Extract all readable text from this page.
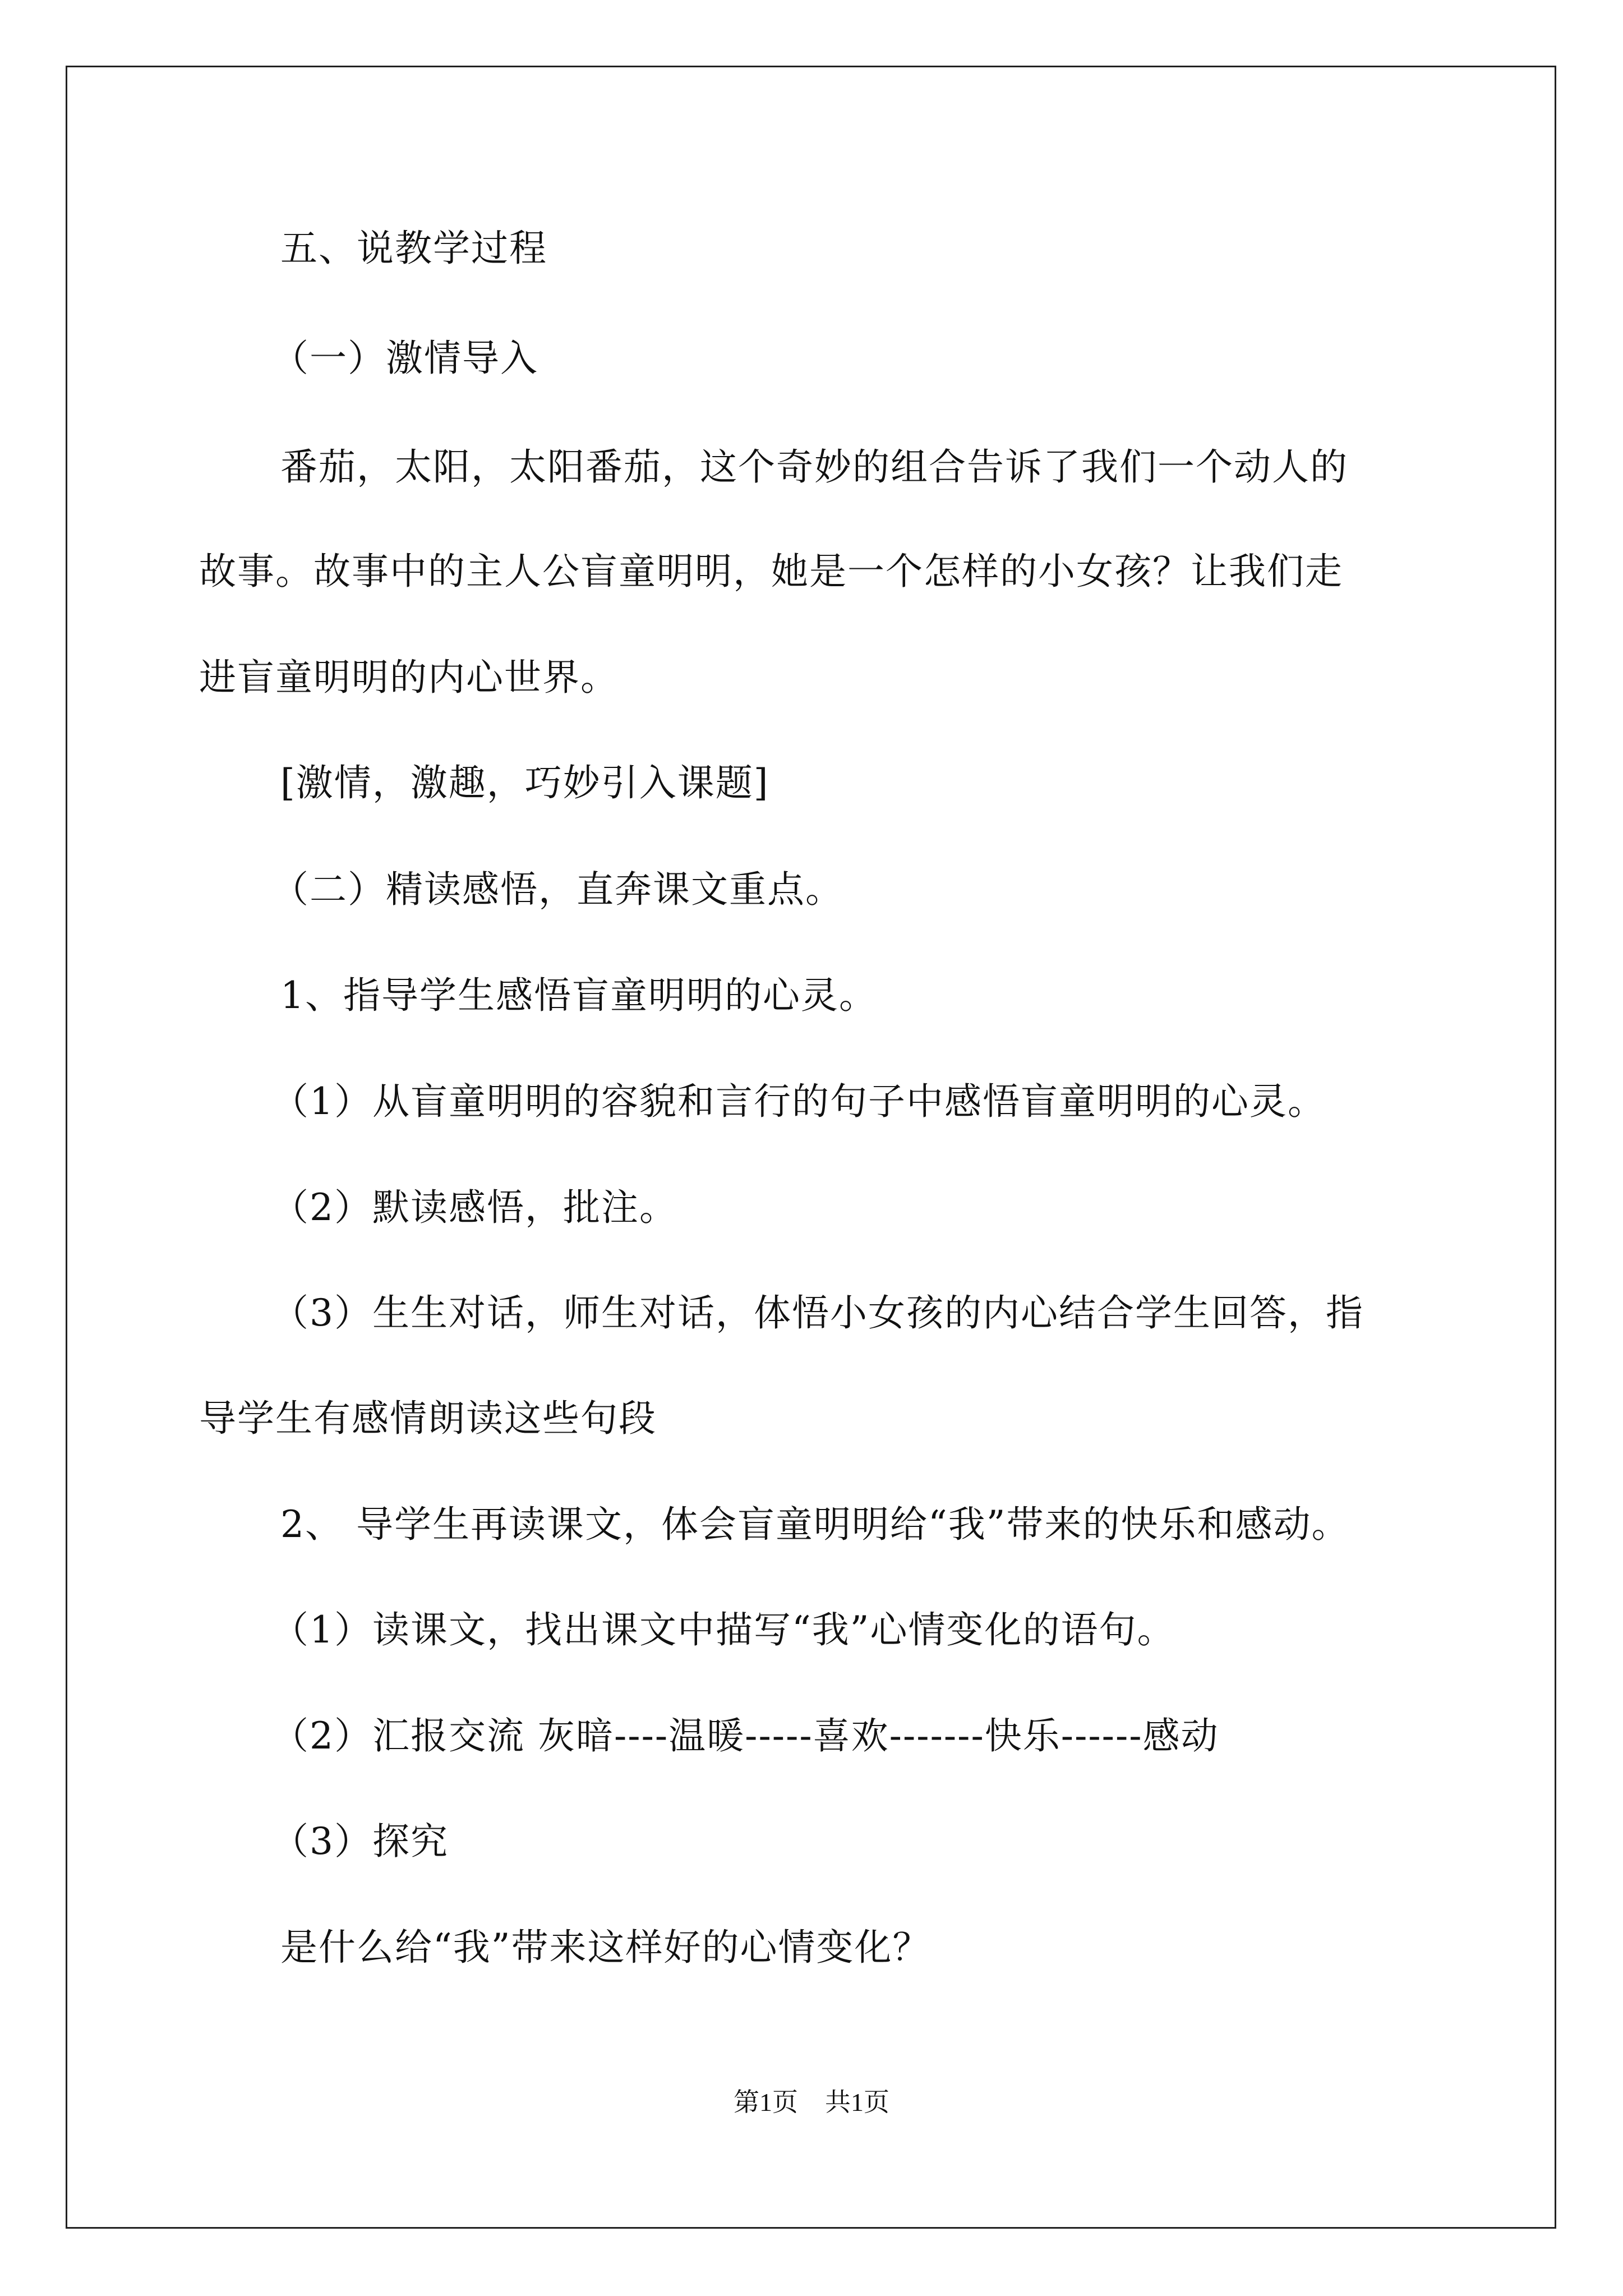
五、说教学过程
（一）激情导入
番茄，太阳，太阳番茄，这个奇妙的组合告诉了我们一个动人的
故事。故事中的主人公盲童明明，她是一个怎样的小女孩？让我们走
进盲童明明的内心世界。
[激情，激趣，巧妙引入课题]
（二）精读感悟，直奔课文重点。
1、指导学生感悟盲童明明的心灵。
（1）从盲童明明的容貌和言行的句子中感悟盲童明明的心灵。
（2）默读感悟，批注。
（3）生生对话，师生对话，体悟小女孩的内心结合学生回答，指
导学生有感情朗读这些句段
2、 导学生再读课文，体会盲童明明给“我”带来的快乐和感动。
（1）读课文，找出课文中描写“我”心情变化的语句。
（2）汇报交流 灰暗----温暖-----喜欢-------快乐------感动
（3）探究
是什么给“我”带来这样好的心情变化？
第1页 共1页
